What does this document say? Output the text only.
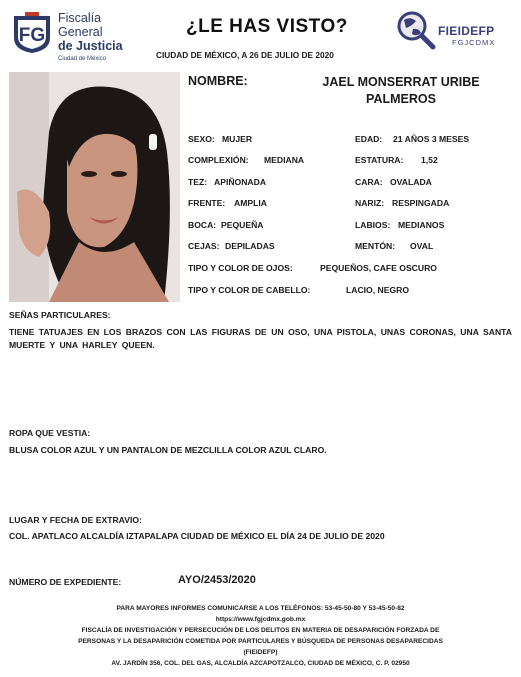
FG
Fiscalía
General
de Justicia
Ciudad de México
¿LE HAS VISTO?
CIUDAD DE MÉXICO, A 26 DE JULIO DE 2020
FIEIDEFP
FGJCDMX
NOMBRE:	JAEL MONSERRAT URIBE
PALMEROS
SEXO: MUJER	EDAD: 21 AÑOS 3 MESES
COMPLEXIÓN: MEDIANA	ESTATURA: 1,52
TEZ: APIÑONADA	CARA: OVALADA
FRENTE: AMPLIA	NARIZ: RESPINGADA
BOCA: PEQUEÑA	LABIOS: MEDIANOS
CEJAS: DEPILADAS	MENTÓN: OVAL
TIPO Y COLOR DE OJOS:	PEQUEÑOS, CAFE OSCURO
TIPO Y COLOR DE CABELLO:	LACIO, NEGRO
SEÑAS PARTICULARES:
TIENE TATUAJES EN LOS BRAZOS CON LAS FIGURAS DE UN OSO, UNA PISTOLA, UNAS CORONAS, UNA SANTA MUERTE Y UNA HARLEY QUEEN.
ROPA QUE VESTIA:
BLUSA COLOR AZUL Y UN PANTALON DE MEZCLILLA COLOR AZUL CLARO.
LUGAR Y FECHA DE EXTRAVIO:
COL. APATLACO ALCALDÍA IZTAPALAPA CIUDAD DE MÉXICO EL DÍA 24 DE JULIO DE 2020
NÚMERO DE EXPEDIENTE:	AYO/2453/2020
PARA MAYORES INFORMES COMUNICARSE A LOS TELÉFONOS: 53-45-50-80 Y 53-45-50-82
https://www.fgjcdmx.gob.mx
FISCALÍA DE INVESTIGACIÓN Y PERSECUCIÓN DE LOS DELITOS EN MATERIA DE DESAPARICIÓN FORZADA DE
PERSONAS Y LA DESAPARICIÓN COMETIDA POR PARTICULARES Y BÚSQUEDA DE PERSONAS DESAPARECIDAS
(FIEIDEFP)
AV. JARDÍN 356, COL. DEL GAS, ALCALDÍA AZCAPOTZALCO, CIUDAD DE MÉXICO, C. P. 02950
